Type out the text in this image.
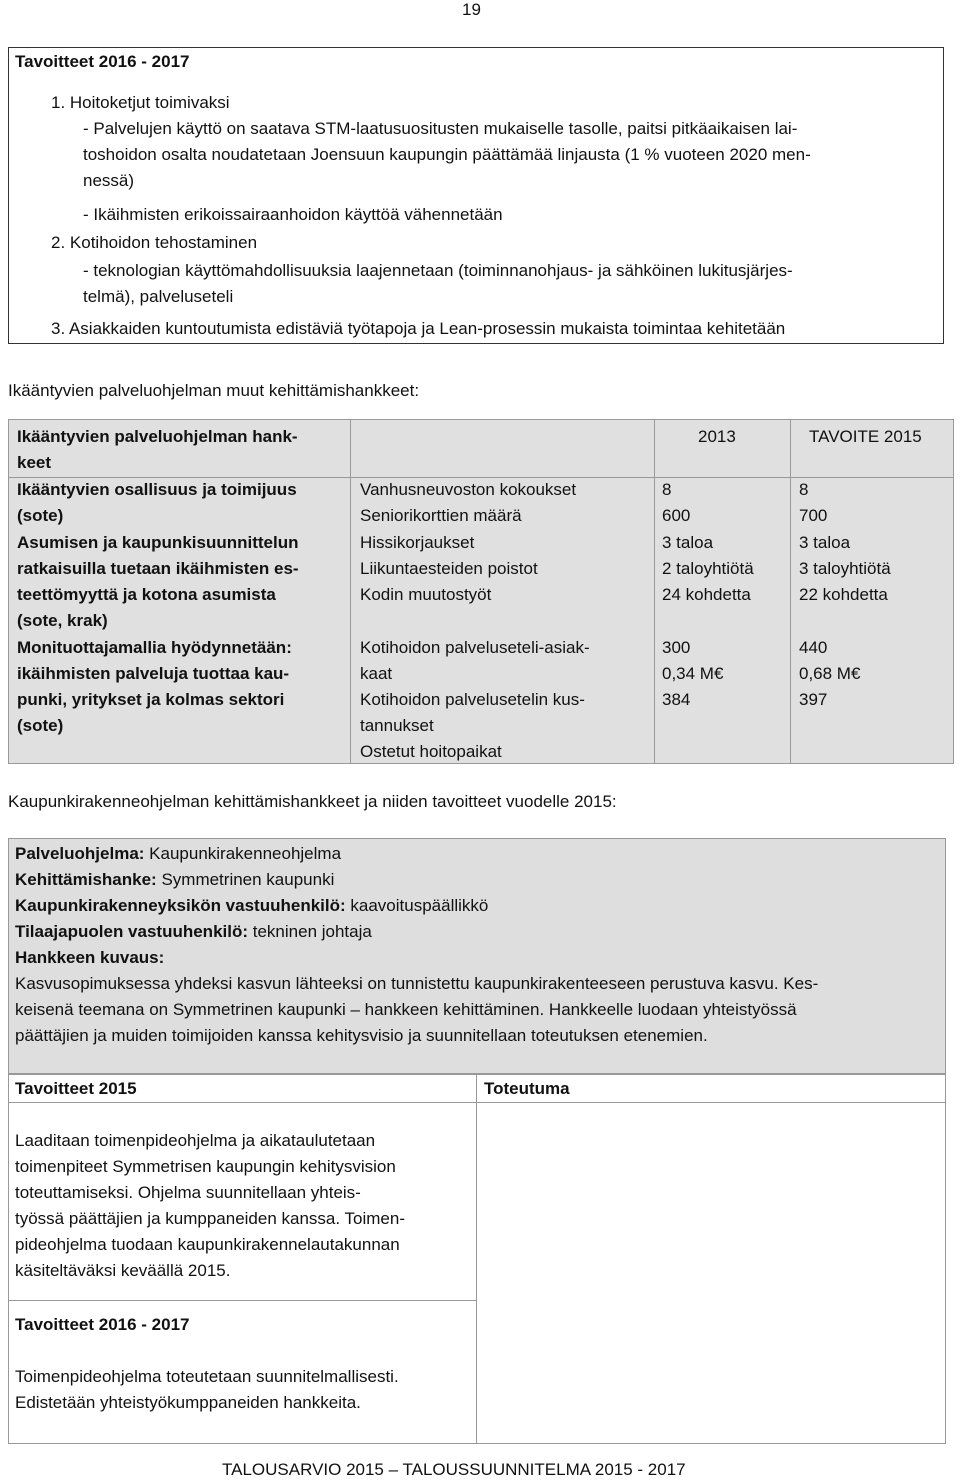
19
Tavoitteet 2016 - 2017
1. Hoitoketjut toimivaksi
- Palvelujen käyttö on saatava STM-laatusuositusten mukaiselle tasolle, paitsi pitkäaikaisen lai-
toshoidon osalta noudatetaan Joensuun kaupungin päättämää linjausta (1 % vuoteen 2020 men-
nessä)
- Ikäihmisten erikoissairaanhoidon käyttöä vähennetään
2. Kotihoidon tehostaminen
- teknologian käyttömahdollisuuksia laajennetaan (toiminnanohjaus- ja sähköinen lukitusjärjes-
telmä), palveluseteli
3. Asiakkaiden kuntoutumista edistäviä työtapoja ja Lean-prosessin mukaista toimintaa kehitetään
Ikääntyvien palveluohjelman muut kehittämishankkeet:
Ikääntyvien palveluohjelman hank-
keet
2013	TAVOITE 2015
Ikääntyvien osallisuus ja toimijuus
(sote)
Vanhusneuvoston kokoukset
Seniorikorttien määrä
8
600
8
700
Asumisen ja kaupunkisuunnittelun
ratkaisuilla tuetaan ikäihmisten es-
teettömyyttä ja kotona asumista
(sote, krak)
Hissikorjaukset
Liikuntaesteiden poistot
Kodin muutostyöt
3 taloa
2 taloyhtiötä
24 kohdetta
3 taloa
3 taloyhtiötä
22 kohdetta
Monituottajamallia hyödynnetään:
ikäihmisten palveluja tuottaa kau-
punki, yritykset ja kolmas sektori
(sote)
Kotihoidon palveluseteli-asiak-
kaat
Kotihoidon palvelusetelin kus-
tannukset
Ostetut hoitopaikat
300
0,34 M€
384
440
0,68 M€
397
Kaupunkirakenneohjelman kehittämishankkeet ja niiden tavoitteet vuodelle 2015:
Palveluohjelma: Kaupunkirakenneohjelma
Kehittämishanke: Symmetrinen kaupunki
Kaupunkirakenneyksikön vastuuhenkilö: kaavoituspäällikkö
Tilaajapuolen vastuuhenkilö: tekninen johtaja
Hankkeen kuvaus:
Kasvusopimuksessa yhdeksi kasvun lähteeksi on tunnistettu kaupunkirakenteeseen perustuva kasvu. Kes-
keisenä teemana on Symmetrinen kaupunki – hankkeen kehittäminen. Hankkeelle luodaan yhteistyössä
päättäjien ja muiden toimijoiden kanssa kehitysvisio ja suunnitellaan toteutuksen etenemien.
Tavoitteet 2015	Toteutuma
Laaditaan toimenpideohjelma ja aikataulutetaan
toimenpiteet Symmetrisen kaupungin kehitysvision
toteuttamiseksi. Ohjelma suunnitellaan yhteis-
työssä päättäjien ja kumppaneiden kanssa. Toimen-
pideohjelma tuodaan kaupunkirakennelautakunnan
käsiteltäväksi keväällä 2015.
Tavoitteet 2016 - 2017
Toimenpideohjelma toteutetaan suunnitelmallisesti.
Edistetään yhteistyökumppaneiden hankkeita.
TALOUSARVIO 2015 – TALOUSSUUNNITELMA 2015 - 2017
